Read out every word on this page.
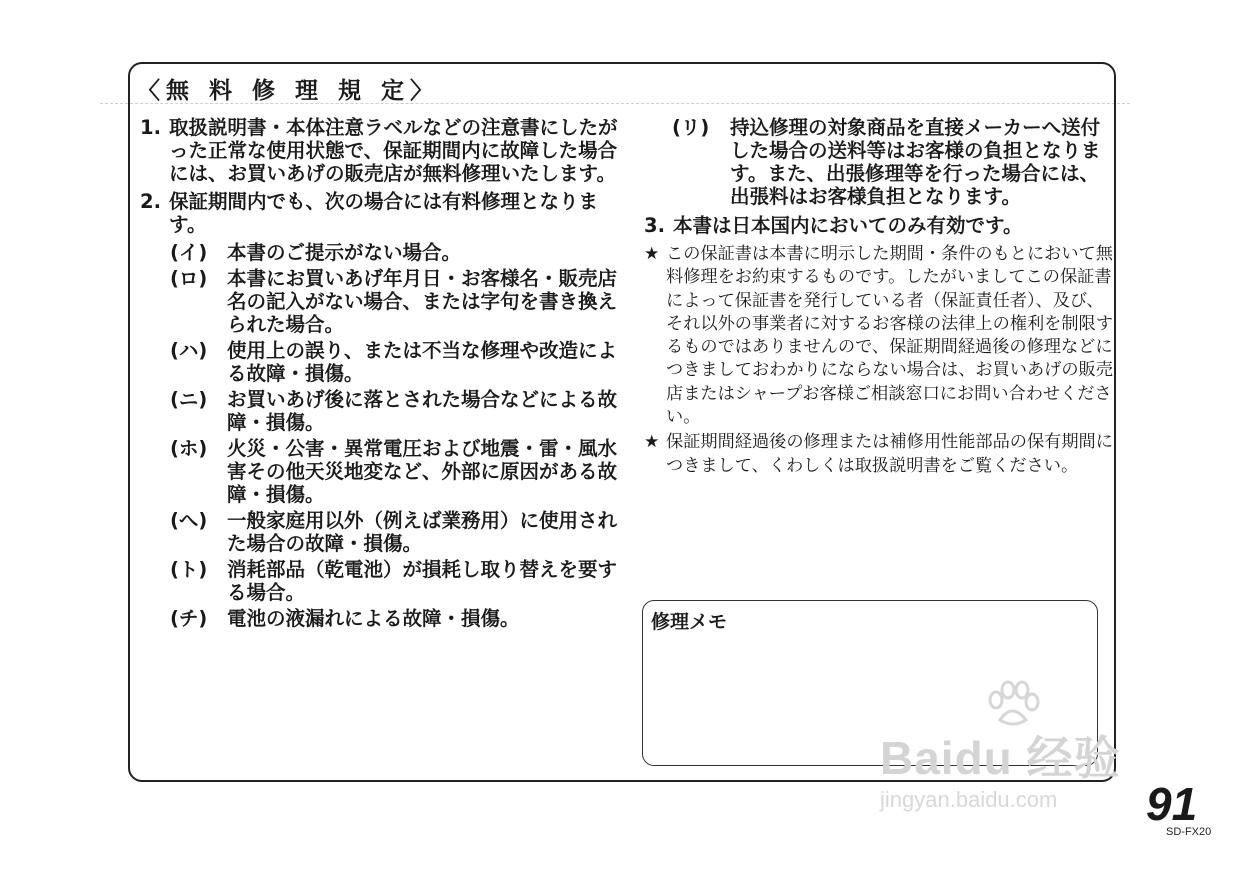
〈無 料 修 理 規 定〉
1. 取扱説明書・本体注意ラベルなどの注意書にしたがった正常な使用状態で、保証期間内に故障した場合には、お買いあげの販売店が無料修理いたします。
2. 保証期間内でも、次の場合には有料修理となります。
(イ) 本書のご提示がない場合。
(ロ) 本書にお買いあげ年月日・お客様名・販売店名の記入がない場合、または字句を書き換えられた場合。
(ハ) 使用上の誤り、または不当な修理や改造による故障・損傷。
(ニ) お買いあげ後に落とされた場合などによる故障・損傷。
(ホ) 火災・公害・異常電圧および地震・雷・風水害その他天災地変など、外部に原因がある故障・損傷。
(へ) 一般家庭用以外（例えば業務用）に使用された場合の故障・損傷。
(ト) 消耗部品（乾電池）が損耗し取り替えを要する場合。
(チ) 電池の液漏れによる故障・損傷。
(リ) 持込修理の対象商品を直接メーカーへ送付した場合の送料等はお客様の負担となります。また、出張修理等を行った場合には、出張料はお客様負担となります。
3. 本書は日本国内においてのみ有効です。
★ この保証書は本書に明示した期間・条件のもとにおいて無料修理をお約束するものです。したがいましてこの保証書によって保証書を発行している者（保証責任者）、及び、それ以外の事業者に対するお客様の法律上の権利を制限するものではありませんので、保証期間経過後の修理などにつきましておわかりにならない場合は、お買いあげの販売店またはシャープお客様ご相談窓口にお問い合わせください。
★ 保証期間経過後の修理または補修用性能部品の保有期間につきまして、くわしくは取扱説明書をご覧ください。
修理メモ
Baidu 经验
jingyan.baidu.com 91
SD-FX20
